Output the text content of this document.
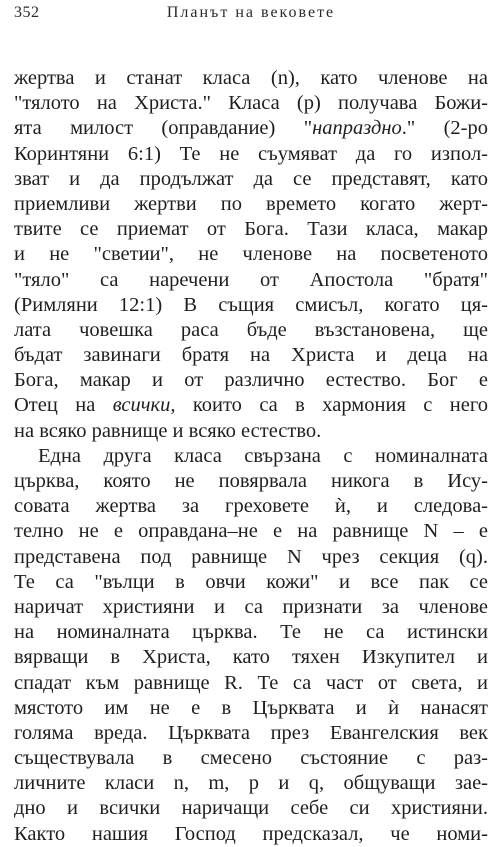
352	Планът на вековете
жертва и станат класа (n), като членове на
"тялото на Христа." Класа (р) получава Божи-
ята милост (оправдание) "напраздно." (2-ро
Коринтяни 6:1) Те не съумяват да го изпол-
зват и да продължат да се представят, като
приемливи жертви по времето когато жерт-
твите се приемат от Бога. Тази класа, макар
и не "светии", не членове на посветеното
"тяло" са наречени от Апостола "братя"
(Римляни 12:1) В същия смисъл, когато ця-
лата човешка раса бъде възстановена, ще
бъдат завинаги братя на Христа и деца на
Бога, макар и от различно естество. Бог е
Отец на всички, които са в хармония с него
на всяко равнище и всяко естество.
Една друга класа свързана с номиналната
църква, която не повярвала никога в Ису-
совата жертва за греховете ѝ, и следова-
телно не е оправдана–не е на равнище N – е
представена под равнище N чрез секция (q).
Те са "вълци в овчи кожи" и все пак се
наричат християни и са признати за членове
на номиналната църква. Те не са истински
вярващи в Христа, като тяхен Изкупител и
спадат към равнище R. Те са част от света, и
мястото им не е в Църквата и ѝ нанасят
голяма вреда. Църквата през Евангелския век
съществувала в смесено състояние с раз-
личните класи n, m, p и q, общуващи зае-
дно и всички наричащи себе си християни.
Както нашия Господ предсказал, че номи-
